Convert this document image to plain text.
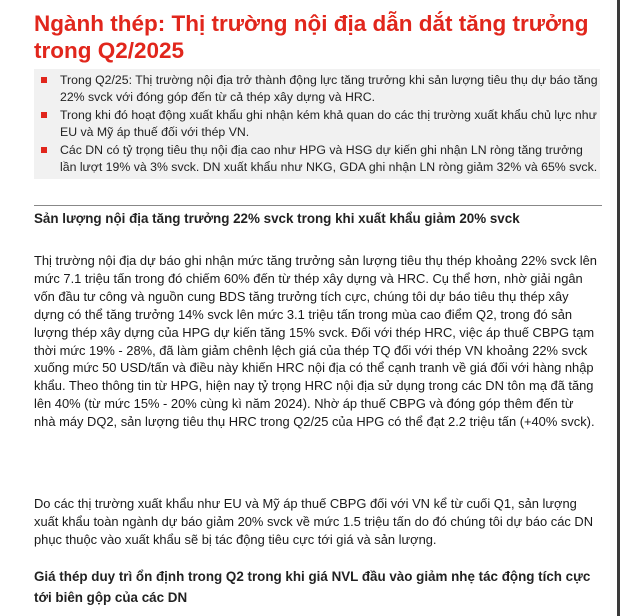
Ngành thép: Thị trường nội địa dẫn dắt tăng trưởng trong Q2/2025
Trong Q2/25: Thị trường nội địa trở thành động lực tăng trưởng khi sản lượng tiêu thụ dự báo tăng 22% svck với đóng góp đến từ cả thép xây dựng và HRC.
Trong khi đó hoạt động xuất khẩu ghi nhận kém khả quan do các thị trường xuất khẩu chủ lực như EU và Mỹ áp thuế đối với thép VN.
Các DN có tỷ trọng tiêu thụ nội địa cao như HPG và HSG dự kiến ghi nhận LN ròng tăng trưởng lần lượt 19% và 3% svck. DN xuất khẩu như NKG, GDA ghi nhận LN ròng giảm 32% và 65% svck.
Sản lượng nội địa tăng trưởng 22% svck trong khi xuất khẩu giảm 20% svck

Thị trường nội địa dự báo ghi nhận mức tăng trưởng sản lượng tiêu thụ thép khoảng 22% svck lên mức 7.1 triệu tấn trong đó chiếm 60% đến từ thép xây dựng và HRC. Cụ thể hơn, nhờ giải ngân vốn đầu tư công và nguồn cung BDS tăng trưởng tích cực, chúng tôi dự báo tiêu thụ thép xây dựng có thể tăng trưởng 14% svck lên mức 3.1 triệu tấn trong mùa cao điểm Q2, trong đó sản lượng thép xây dựng của HPG dự kiến tăng 15% svck. Đối với thép HRC, việc áp thuế CBPG tạm thời mức 19% - 28%, đã làm giảm chênh lệch giá của thép TQ đối với thép VN khoảng 22% svck xuống mức 50 USD/tấn và điều này khiến HRC nội địa có thể cạnh tranh về giá đối với hàng nhập khẩu. Theo thông tin từ HPG, hiện nay tỷ trọng HRC nội địa sử dụng trong các DN tôn mạ đã tăng lên 40% (từ mức 15% - 20% cùng kì năm 2024). Nhờ áp thuế CBPG và đóng góp thêm đến từ nhà máy DQ2, sản lượng tiêu thụ HRC trong Q2/25 của HPG có thể đạt 2.2 triệu tấn (+40% svck).

Do các thị trường xuất khẩu như EU và Mỹ áp thuế CBPG đối với VN kể từ cuối Q1, sản lượng xuất khẩu toàn ngành dự báo giảm 20% svck về mức 1.5 triệu tấn do đó chúng tôi dự báo các DN phục thuộc vào xuất khẩu sẽ bị tác động tiêu cực tới giá và sản lượng.

Giá thép duy trì ổn định trong Q2 trong khi giá NVL đầu vào giảm nhẹ tác động tích cực tới biên gộp của các DN
